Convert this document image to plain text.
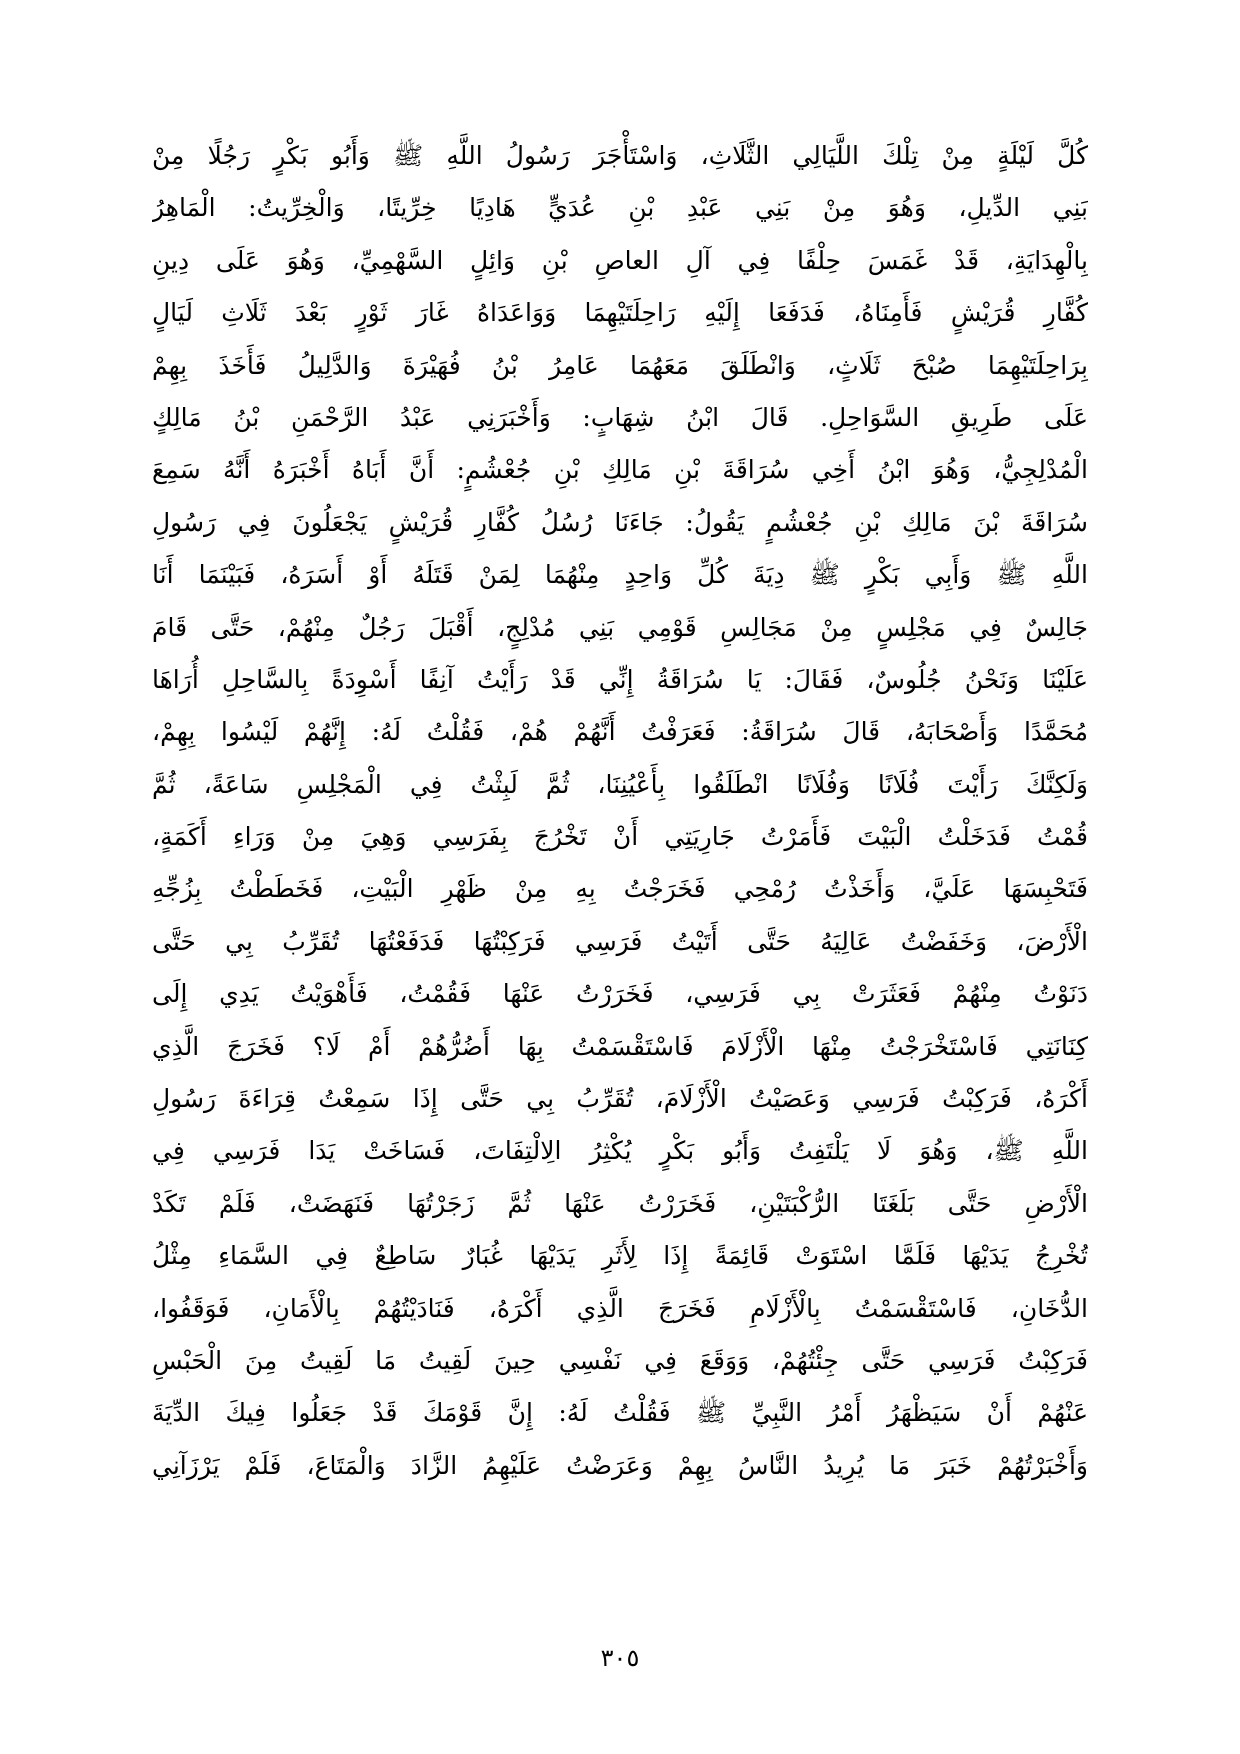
كُلَّ لَيْلَةٍ مِنْ تِلْكَ اللَّيَالِي الثَّلَاثِ، وَاسْتَأْجَرَ رَسُولُ اللَّهِ ﷺ وَأَبُو بَكْرٍ رَجُلًا مِنْ
بَنِي الدِّيلِ، وَهُوَ مِنْ بَنِي عَبْدِ بْنِ عُدَيٍّ هَادِيًا خِرِّيتًا، وَالْخِرِّيتُ: الْمَاهِرُ
بِالْهِدَايَةِ، قَدْ غَمَسَ حِلْفًا فِي آلِ العاصِ بْنِ وَائِلٍ السَّهْمِيِّ، وَهُوَ عَلَى دِينِ
كُفَّارِ قُرَيْشٍ فَأَمِنَاهُ، فَدَفَعَا إِلَيْهِ رَاحِلَتَيْهِمَا وَوَاعَدَاهُ غَارَ ثَوْرٍ بَعْدَ ثَلَاثِ لَيَالٍ
بِرَاحِلَتَيْهِمَا صُبْحَ ثَلَاثٍ، وَانْطَلَقَ مَعَهُمَا عَامِرُ بْنُ فُهَيْرَةَ وَالدَّلِيلُ فَأَخَذَ بِهِمْ
عَلَى طَرِيقِ السَّوَاحِلِ. قَالَ ابْنُ شِهَابٍ: وَأَخْبَرَنِي عَبْدُ الرَّحْمَنِ بْنُ مَالِكٍ
الْمُدْلِجِيُّ، وَهُوَ ابْنُ أَخِي سُرَاقَةَ بْنِ مَالِكِ بْنِ جُعْشُمٍ: أَنَّ أَبَاهُ أَخْبَرَهُ أَنَّهُ سَمِعَ
سُرَاقَةَ بْنَ مَالِكِ بْنِ جُعْشُمٍ يَقُولُ: جَاءَنَا رُسُلُ كُفَّارِ قُرَيْشٍ يَجْعَلُونَ فِي رَسُولِ
اللَّهِ ﷺ وَأَبِي بَكْرٍ ﷺ دِيَةَ كُلِّ وَاحِدٍ مِنْهُمَا لِمَنْ قَتَلَهُ أَوْ أَسَرَهُ، فَبَيْنَمَا أَنَا
جَالِسٌ فِي مَجْلِسٍ مِنْ مَجَالِسِ قَوْمِي بَنِي مُدْلِجٍ، أَقْبَلَ رَجُلٌ مِنْهُمْ، حَتَّى قَامَ
عَلَيْنَا وَنَحْنُ جُلُوسٌ، فَقَالَ: يَا سُرَاقَةُ إِنِّي قَدْ رَأَيْتُ آنِفًا أَسْوِدَةً بِالسَّاحِلِ أُرَاهَا
مُحَمَّدًا وَأَصْحَابَهُ، قَالَ سُرَاقَةُ: فَعَرَفْتُ أَنَّهُمْ هُمْ، فَقُلْتُ لَهُ: إِنَّهُمْ لَيْسُوا بِهِمْ،
وَلَكِنَّكَ رَأَيْتَ فُلَانًا وَفُلَانًا انْطَلَقُوا بِأَعْيُنِنَا، ثُمَّ لَبِثْتُ فِي الْمَجْلِسِ سَاعَةً، ثُمَّ
قُمْتُ فَدَخَلْتُ الْبَيْتَ فَأَمَرْتُ جَارِيَتِي أَنْ تَخْرُجَ بِفَرَسِي وَهِيَ مِنْ وَرَاءِ أَكَمَةٍ،
فَتَحْبِسَهَا عَلَيَّ، وَأَخَذْتُ رُمْحِي فَخَرَجْتُ بِهِ مِنْ ظَهْرِ الْبَيْتِ، فَخَطَطْتُ بِزُجِّهِ
الْأَرْضَ، وَخَفَضْتُ عَالِيَهُ حَتَّى أَتَيْتُ فَرَسِي فَرَكِبْتُهَا فَدَفَعْتُهَا تُقَرِّبُ بِي حَتَّى
دَنَوْتُ مِنْهُمْ فَعَثَرَتْ بِي فَرَسِي، فَخَرَرْتُ عَنْهَا فَقُمْتُ، فَأَهْوَيْتُ يَدِي إِلَى
كِنَانَتِي فَاسْتَخْرَجْتُ مِنْهَا الْأَزْلَامَ فَاسْتَقْسَمْتُ بِهَا أَضُرُّهُمْ أَمْ لَا؟ فَخَرَجَ الَّذِي
أَكْرَهُ، فَرَكِبْتُ فَرَسِي وَعَصَيْتُ الْأَزْلَامَ، تُقَرِّبُ بِي حَتَّى إِذَا سَمِعْتُ قِرَاءَةَ رَسُولِ
اللَّهِ ﷺ، وَهُوَ لَا يَلْتَفِتُ وَأَبُو بَكْرٍ يُكْثِرُ الِالْتِفَاتَ، فَسَاخَتْ يَدَا فَرَسِي فِي
الْأَرْضِ حَتَّى بَلَغَتَا الرُّكْبَتَيْنِ، فَخَرَرْتُ عَنْهَا ثُمَّ زَجَرْتُهَا فَنَهَضَتْ، فَلَمْ تَكَدْ
تُخْرِجُ يَدَيْهَا فَلَمَّا اسْتَوَتْ قَائِمَةً إِذَا لِأَثَرِ يَدَيْهَا غُبَارٌ سَاطِعٌ فِي السَّمَاءِ مِثْلُ
الدُّخَانِ، فَاسْتَقْسَمْتُ بِالْأَزْلَامِ فَخَرَجَ الَّذِي أَكْرَهُ، فَنَادَيْتُهُمْ بِالْأَمَانِ، فَوَقَفُوا،
فَرَكِبْتُ فَرَسِي حَتَّى جِئْتُهُمْ، وَوَقَعَ فِي نَفْسِي حِينَ لَقِيتُ مَا لَقِيتُ مِنَ الْحَبْسِ
عَنْهُمْ أَنْ سَيَظْهَرُ أَمْرُ النَّبِيِّ ﷺ فَقُلْتُ لَهُ: إِنَّ قَوْمَكَ قَدْ جَعَلُوا فِيكَ الدِّيَةَ
وَأَخْبَرْتُهُمْ خَبَرَ مَا يُرِيدُ النَّاسُ بِهِمْ وَعَرَضْتُ عَلَيْهِمُ الزَّادَ وَالْمَتَاعَ، فَلَمْ يَرْزَآنِي
٣٠٥
